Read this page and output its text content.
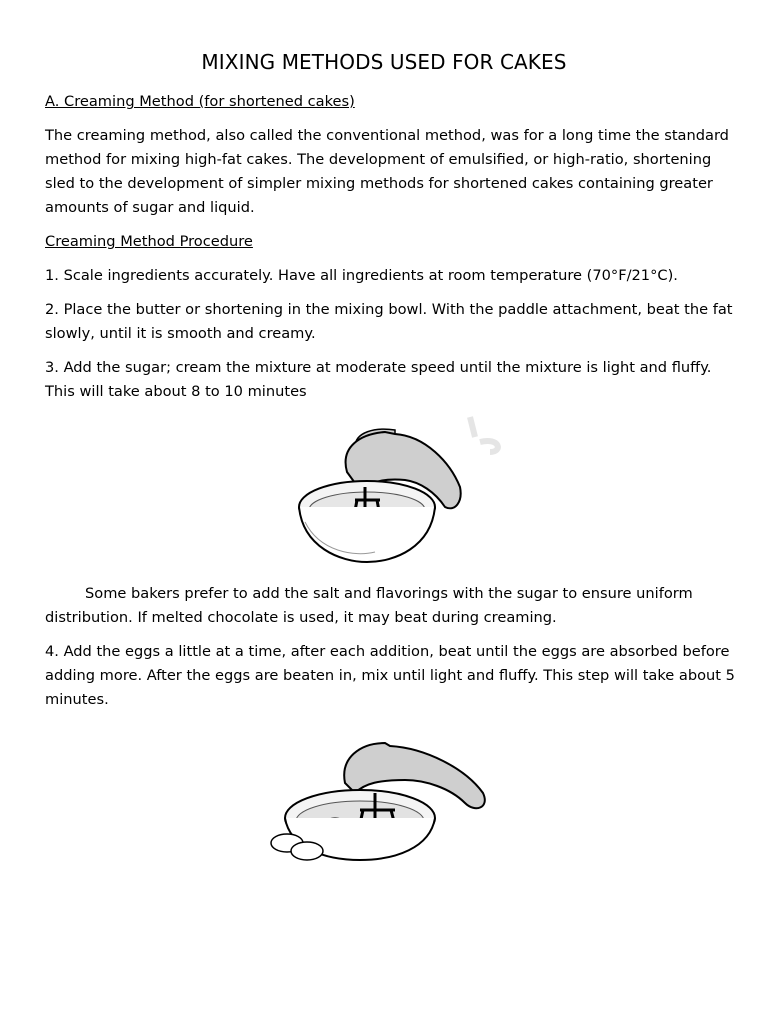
MIXING METHODS USED FOR CAKES

A. Creaming Method (for shortened cakes)

The creaming method, also called the conventional method, was for a long time the standard method for mixing high-fat cakes. The development of emulsified, or high-ratio, shortening sled to the development of simpler mixing methods for shortened cakes containing greater amounts of sugar and liquid.

Creaming Method Procedure

1. Scale ingredients accurately. Have all ingredients at room temperature (70°F/21°C).

2. Place the butter or shortening in the mixing bowl. With the paddle attachment, beat the fat slowly, until it is smooth and creamy.

3. Add the sugar; cream the mixture at moderate speed until the mixture is light and fluffy. This will take about 8 to 10 minutes

Some bakers prefer to add the salt and flavorings with the sugar to ensure uniform distribution. If melted chocolate is used, it may beat during creaming.

4. Add the eggs a little at a time, after each addition, beat until the eggs are absorbed before adding more. After the eggs are beaten in, mix until light and fluffy. This step will take about 5 minutes.
